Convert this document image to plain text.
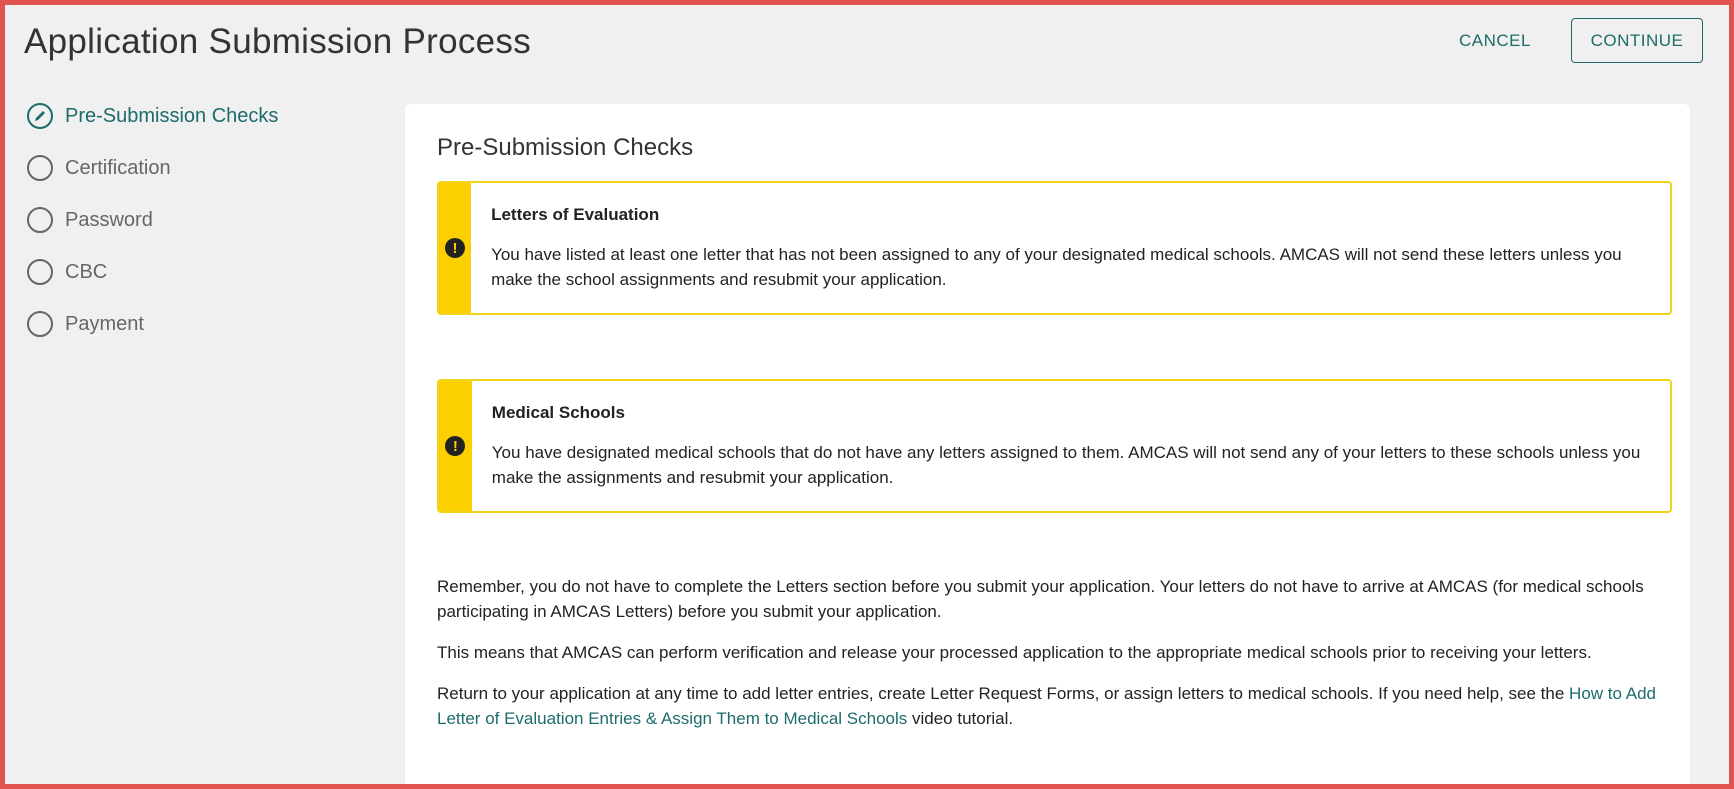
Application Submission Process	CANCEL	CONTINUE
Pre-Submission Checks
Certification
Password
CBC
Payment
Pre-Submission Checks
!
Letters of Evaluation

You have listed at least one letter that has not been assigned to any of your designated medical schools. AMCAS will not send these letters unless you make the school assignments and resubmit your application.

!
Medical Schools

You have designated medical schools that do not have any letters assigned to them. AMCAS will not send any of your letters to these schools unless you make the assignments and resubmit your application.

Remember, you do not have to complete the Letters section before you submit your application. Your letters do not have to arrive at AMCAS (for medical schools participating in AMCAS Letters) before you submit your application.

This means that AMCAS can perform verification and release your processed application to the appropriate medical schools prior to receiving your letters.

Return to your application at any time to add letter entries, create Letter Request Forms, or assign letters to medical schools. If you need help, see the How to Add Letter of Evaluation Entries & Assign Them to Medical Schools video tutorial.
